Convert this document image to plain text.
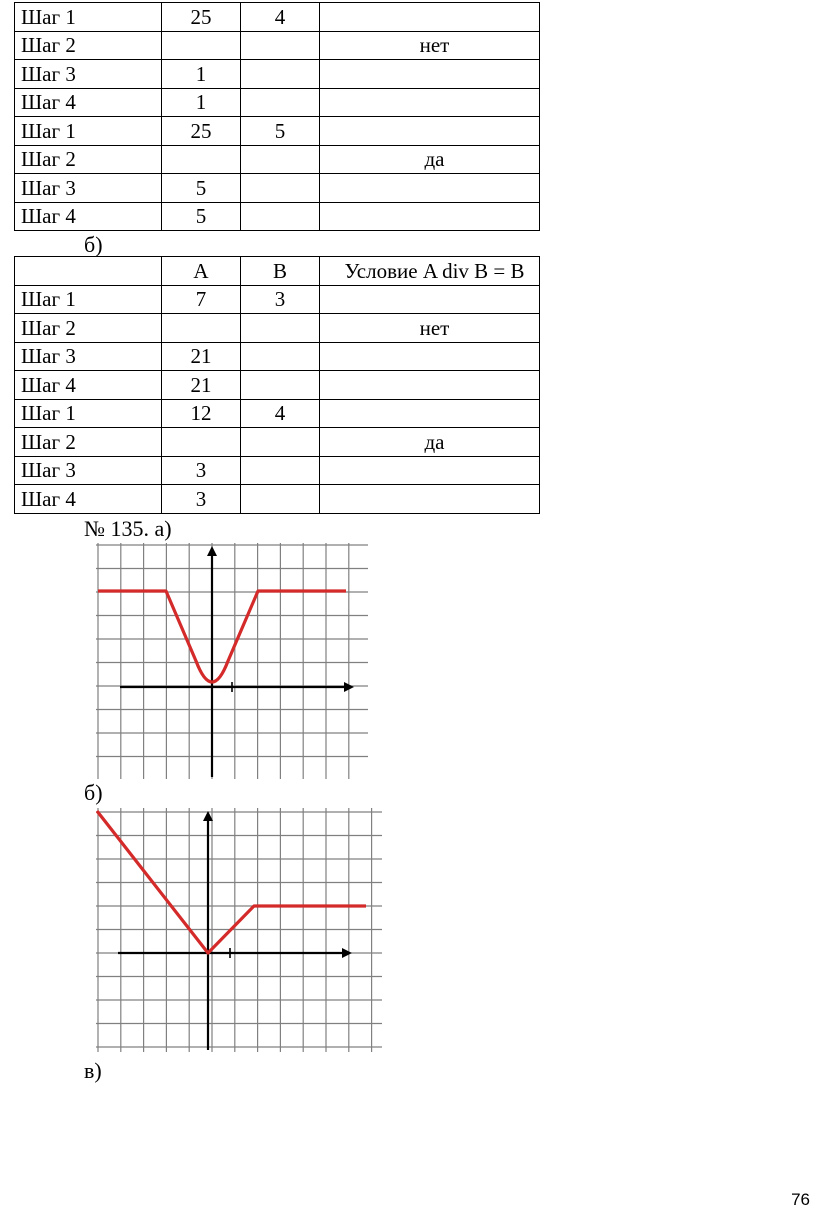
Шаг 1	25	4	
Шаг 2			нет
Шаг 3	1		
Шаг 4	1		
Шаг 1	25	5	
Шаг 2			да
Шаг 3	5		
Шаг 4	5		
б)
	A	B	Условие A div B = B
Шаг 1	7	3	
Шаг 2			нет
Шаг 3	21		
Шаг 4	21		
Шаг 1	12	4	
Шаг 2			да
Шаг 3	3		
Шаг 4	3		
№ 135. а)
б)
в)
76
